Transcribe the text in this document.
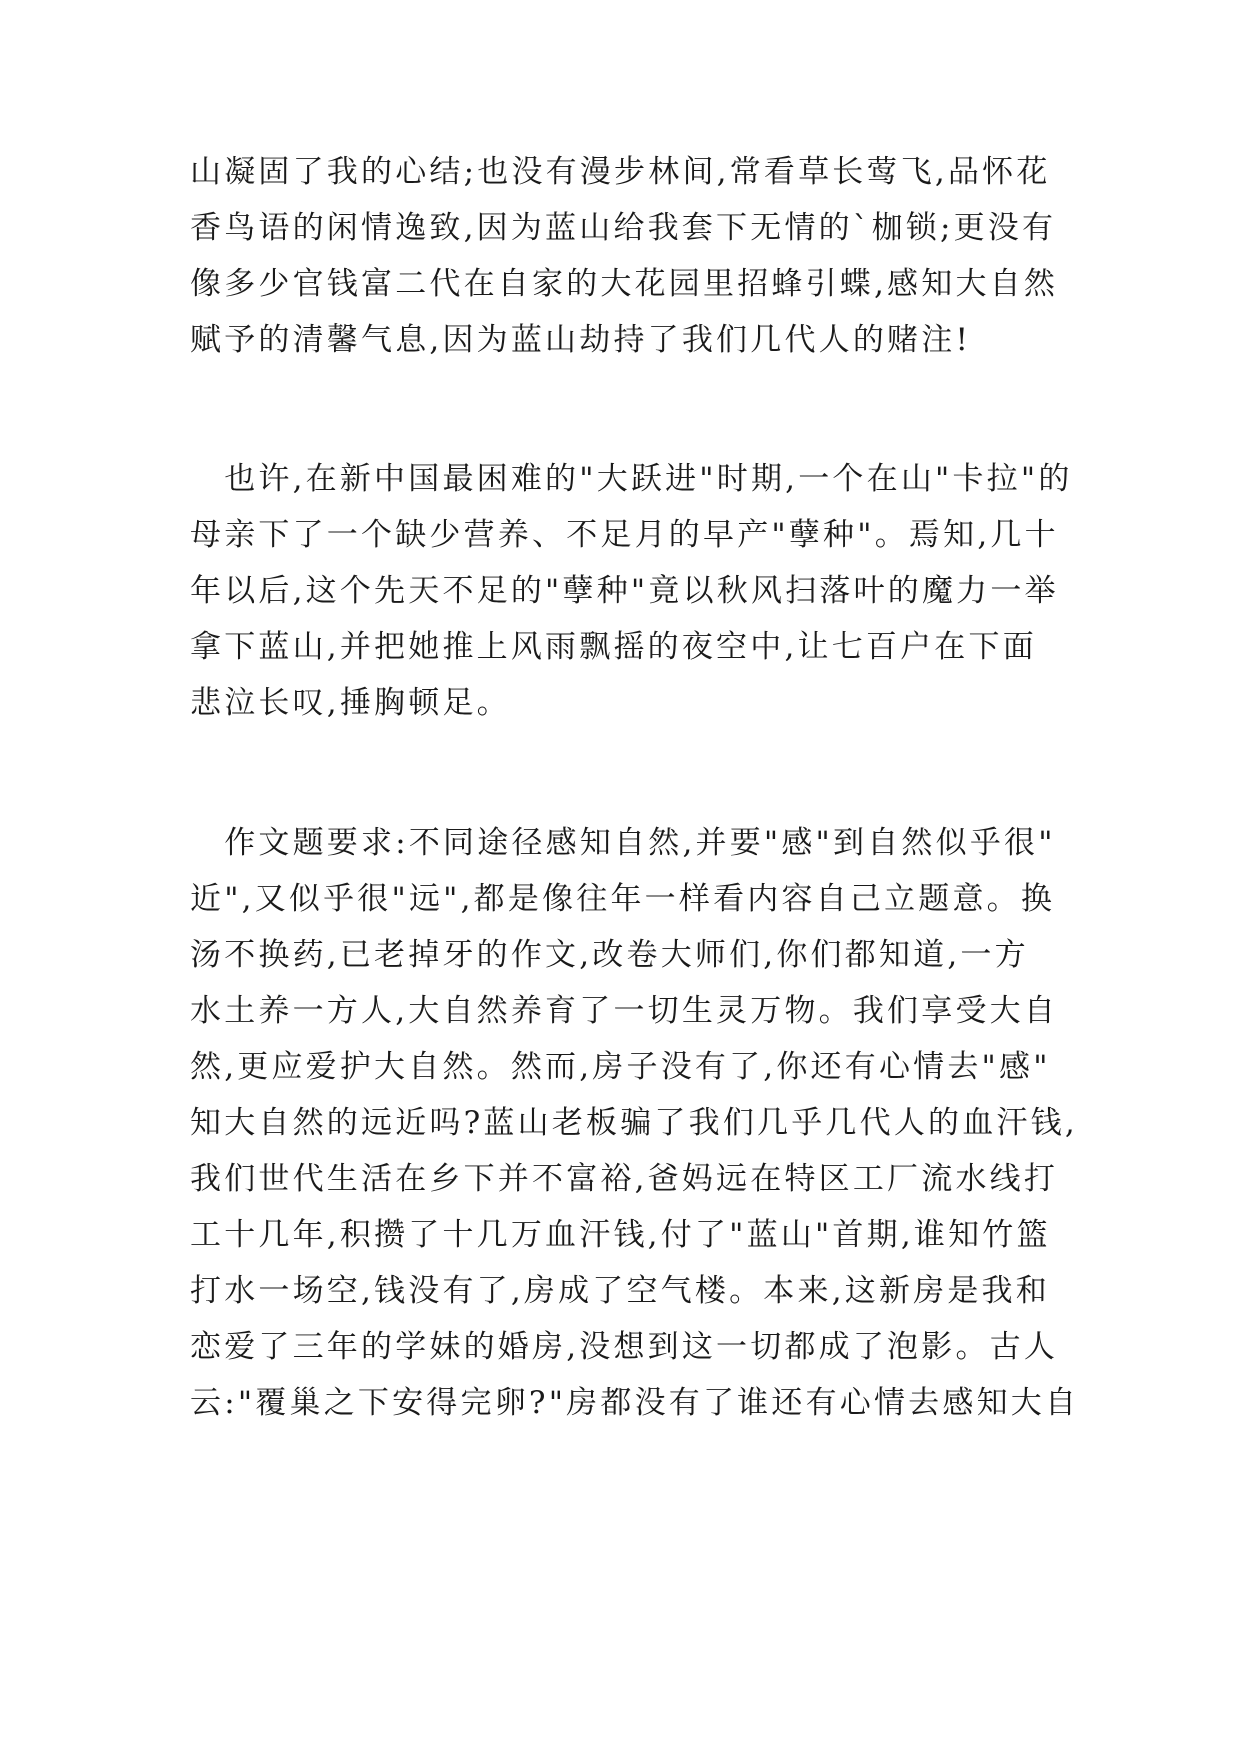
山凝固了我的心结;也没有漫步林间,常看草长莺飞,品怀花
香鸟语的闲情逸致,因为蓝山给我套下无情的`枷锁;更没有
像多少官钱富二代在自家的大花园里招蜂引蝶,感知大自然
赋予的清馨气息,因为蓝山劫持了我们几代人的赌注!
　也许,在新中国最困难的"大跃进"时期,一个在山"卡拉"的
母亲下了一个缺少营养、不足月的早产"孽种"。焉知,几十
年以后,这个先天不足的"孽种"竟以秋风扫落叶的魔力一举
拿下蓝山,并把她推上风雨飘摇的夜空中,让七百户在下面
悲泣长叹,捶胸顿足。
　作文题要求:不同途径感知自然,并要"感"到自然似乎很"
近",又似乎很"远",都是像往年一样看内容自己立题意。换
汤不换药,已老掉牙的作文,改卷大师们,你们都知道,一方
水土养一方人,大自然养育了一切生灵万物。我们享受大自
然,更应爱护大自然。然而,房子没有了,你还有心情去"感"
知大自然的远近吗?蓝山老板骗了我们几乎几代人的血汗钱,
我们世代生活在乡下并不富裕,爸妈远在特区工厂流水线打
工十几年,积攒了十几万血汗钱,付了"蓝山"首期,谁知竹篮
打水一场空,钱没有了,房成了空气楼。本来,这新房是我和
恋爱了三年的学妹的婚房,没想到这一切都成了泡影。古人
云:"覆巢之下安得完卵?"房都没有了谁还有心情去感知大自
